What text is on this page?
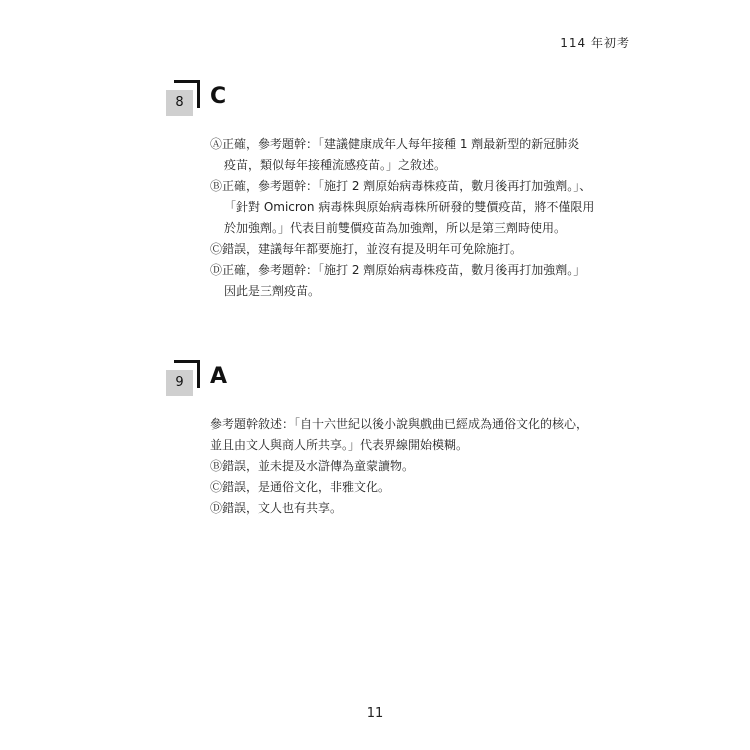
114 年初考
8	C

Ⓐ正確，參考題幹：「建議健康成年人每年接種 1 劑最新型的新冠肺炎

疫苗，類似每年接種流感疫苗。」之敘述。

Ⓑ正確，參考題幹：「施打 2 劑原始病毒株疫苗，數月後再打加強劑。」、

「針對 Omicron 病毒株與原始病毒株所研發的雙價疫苗，將不僅限用

於加強劑。」代表目前雙價疫苗為加強劑，所以是第三劑時使用。

Ⓒ錯誤，建議每年都要施打，並沒有提及明年可免除施打。

Ⓓ正確，參考題幹：「施打 2 劑原始病毒株疫苗，數月後再打加強劑。」

因此是三劑疫苗。

9	A

參考題幹敘述：「自十六世紀以後小說與戲曲已經成為通俗文化的核心，

並且由文人與商人所共享。」代表界線開始模糊。

Ⓑ錯誤，並未提及水滸傳為童蒙讀物。

Ⓒ錯誤，是通俗文化，非雅文化。

Ⓓ錯誤，文人也有共享。

11
